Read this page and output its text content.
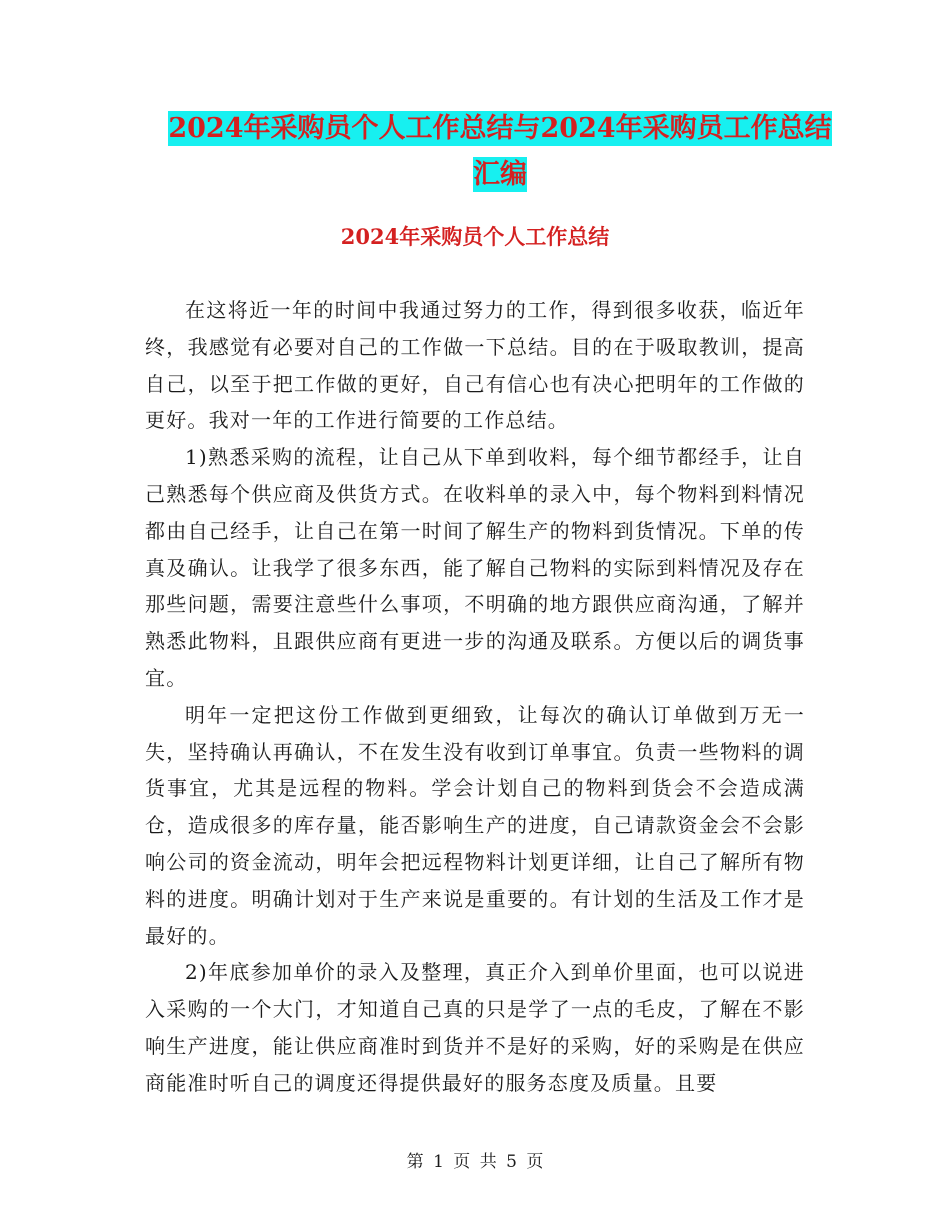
2024年采购员个人工作总结与2024年采购员工作总结
汇编
2024年采购员个人工作总结

在这将近一年的时间中我通过努力的工作，得到很多收获，临近年终，我感觉有必要对自己的工作做一下总结。目的在于吸取教训，提高自己，以至于把工作做的更好，自己有信心也有决心把明年的工作做的更好。我对一年的工作进行简要的工作总结。

1)熟悉采购的流程，让自己从下单到收料，每个细节都经手，让自己熟悉每个供应商及供货方式。在收料单的录入中，每个物料到料情况都由自己经手，让自己在第一时间了解生产的物料到货情况。下单的传真及确认。让我学了很多东西，能了解自己物料的实际到料情况及存在那些问题，需要注意些什么事项，不明确的地方跟供应商沟通，了解并熟悉此物料，且跟供应商有更进一步的沟通及联系。方便以后的调货事宜。

明年一定把这份工作做到更细致，让每次的确认订单做到万无一失，坚持确认再确认，不在发生没有收到订单事宜。负责一些物料的调货事宜，尤其是远程的物料。学会计划自己的物料到货会不会造成满仓，造成很多的库存量，能否影响生产的进度，自己请款资金会不会影响公司的资金流动，明年会把远程物料计划更详细，让自己了解所有物料的进度。明确计划对于生产来说是重要的。有计划的生活及工作才是最好的。

2)年底参加单价的录入及整理，真正介入到单价里面，也可以说进入采购的一个大门，才知道自己真的只是学了一点的毛皮，了解在不影响生产进度，能让供应商准时到货并不是好的采购，好的采购是在供应商能准时听自己的调度还得提供最好的服务态度及质量。且要

第 1 页 共 5 页
